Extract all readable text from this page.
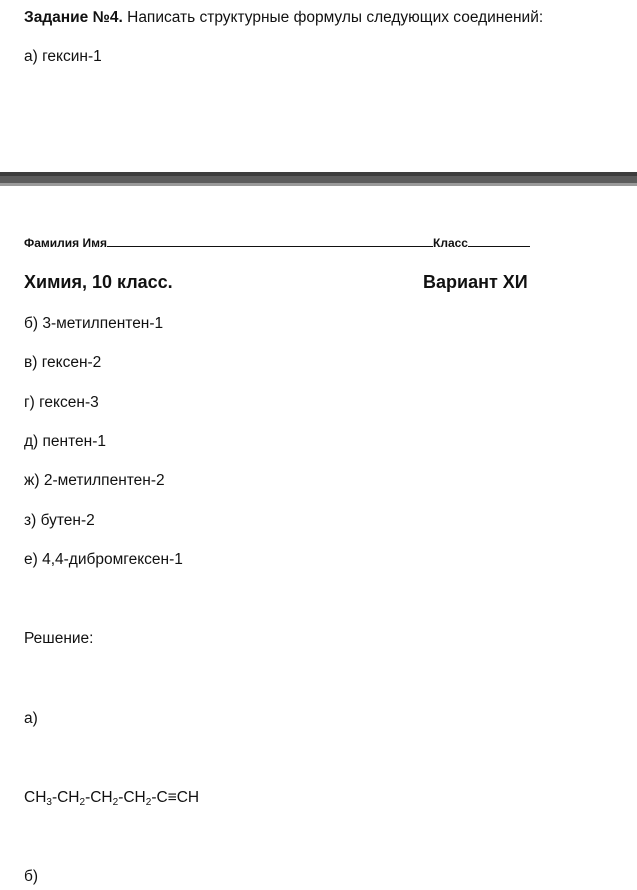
Задание №4. Написать структурные формулы следующих соединений:
а) гексин-1
Фамилия Имя	Класс
Химия, 10 класс.	Вариант XИ
б) 3-метилпентен-1
в) гексен-2
г) гексен-3
д) пентен-1
ж) 2-метилпентен-2
з) бутен-2
е) 4,4-дибромгексен-1
Решение:
а)
$CH_3-CH_2-CH_2-CH_2-C\equiv CH$
б)
